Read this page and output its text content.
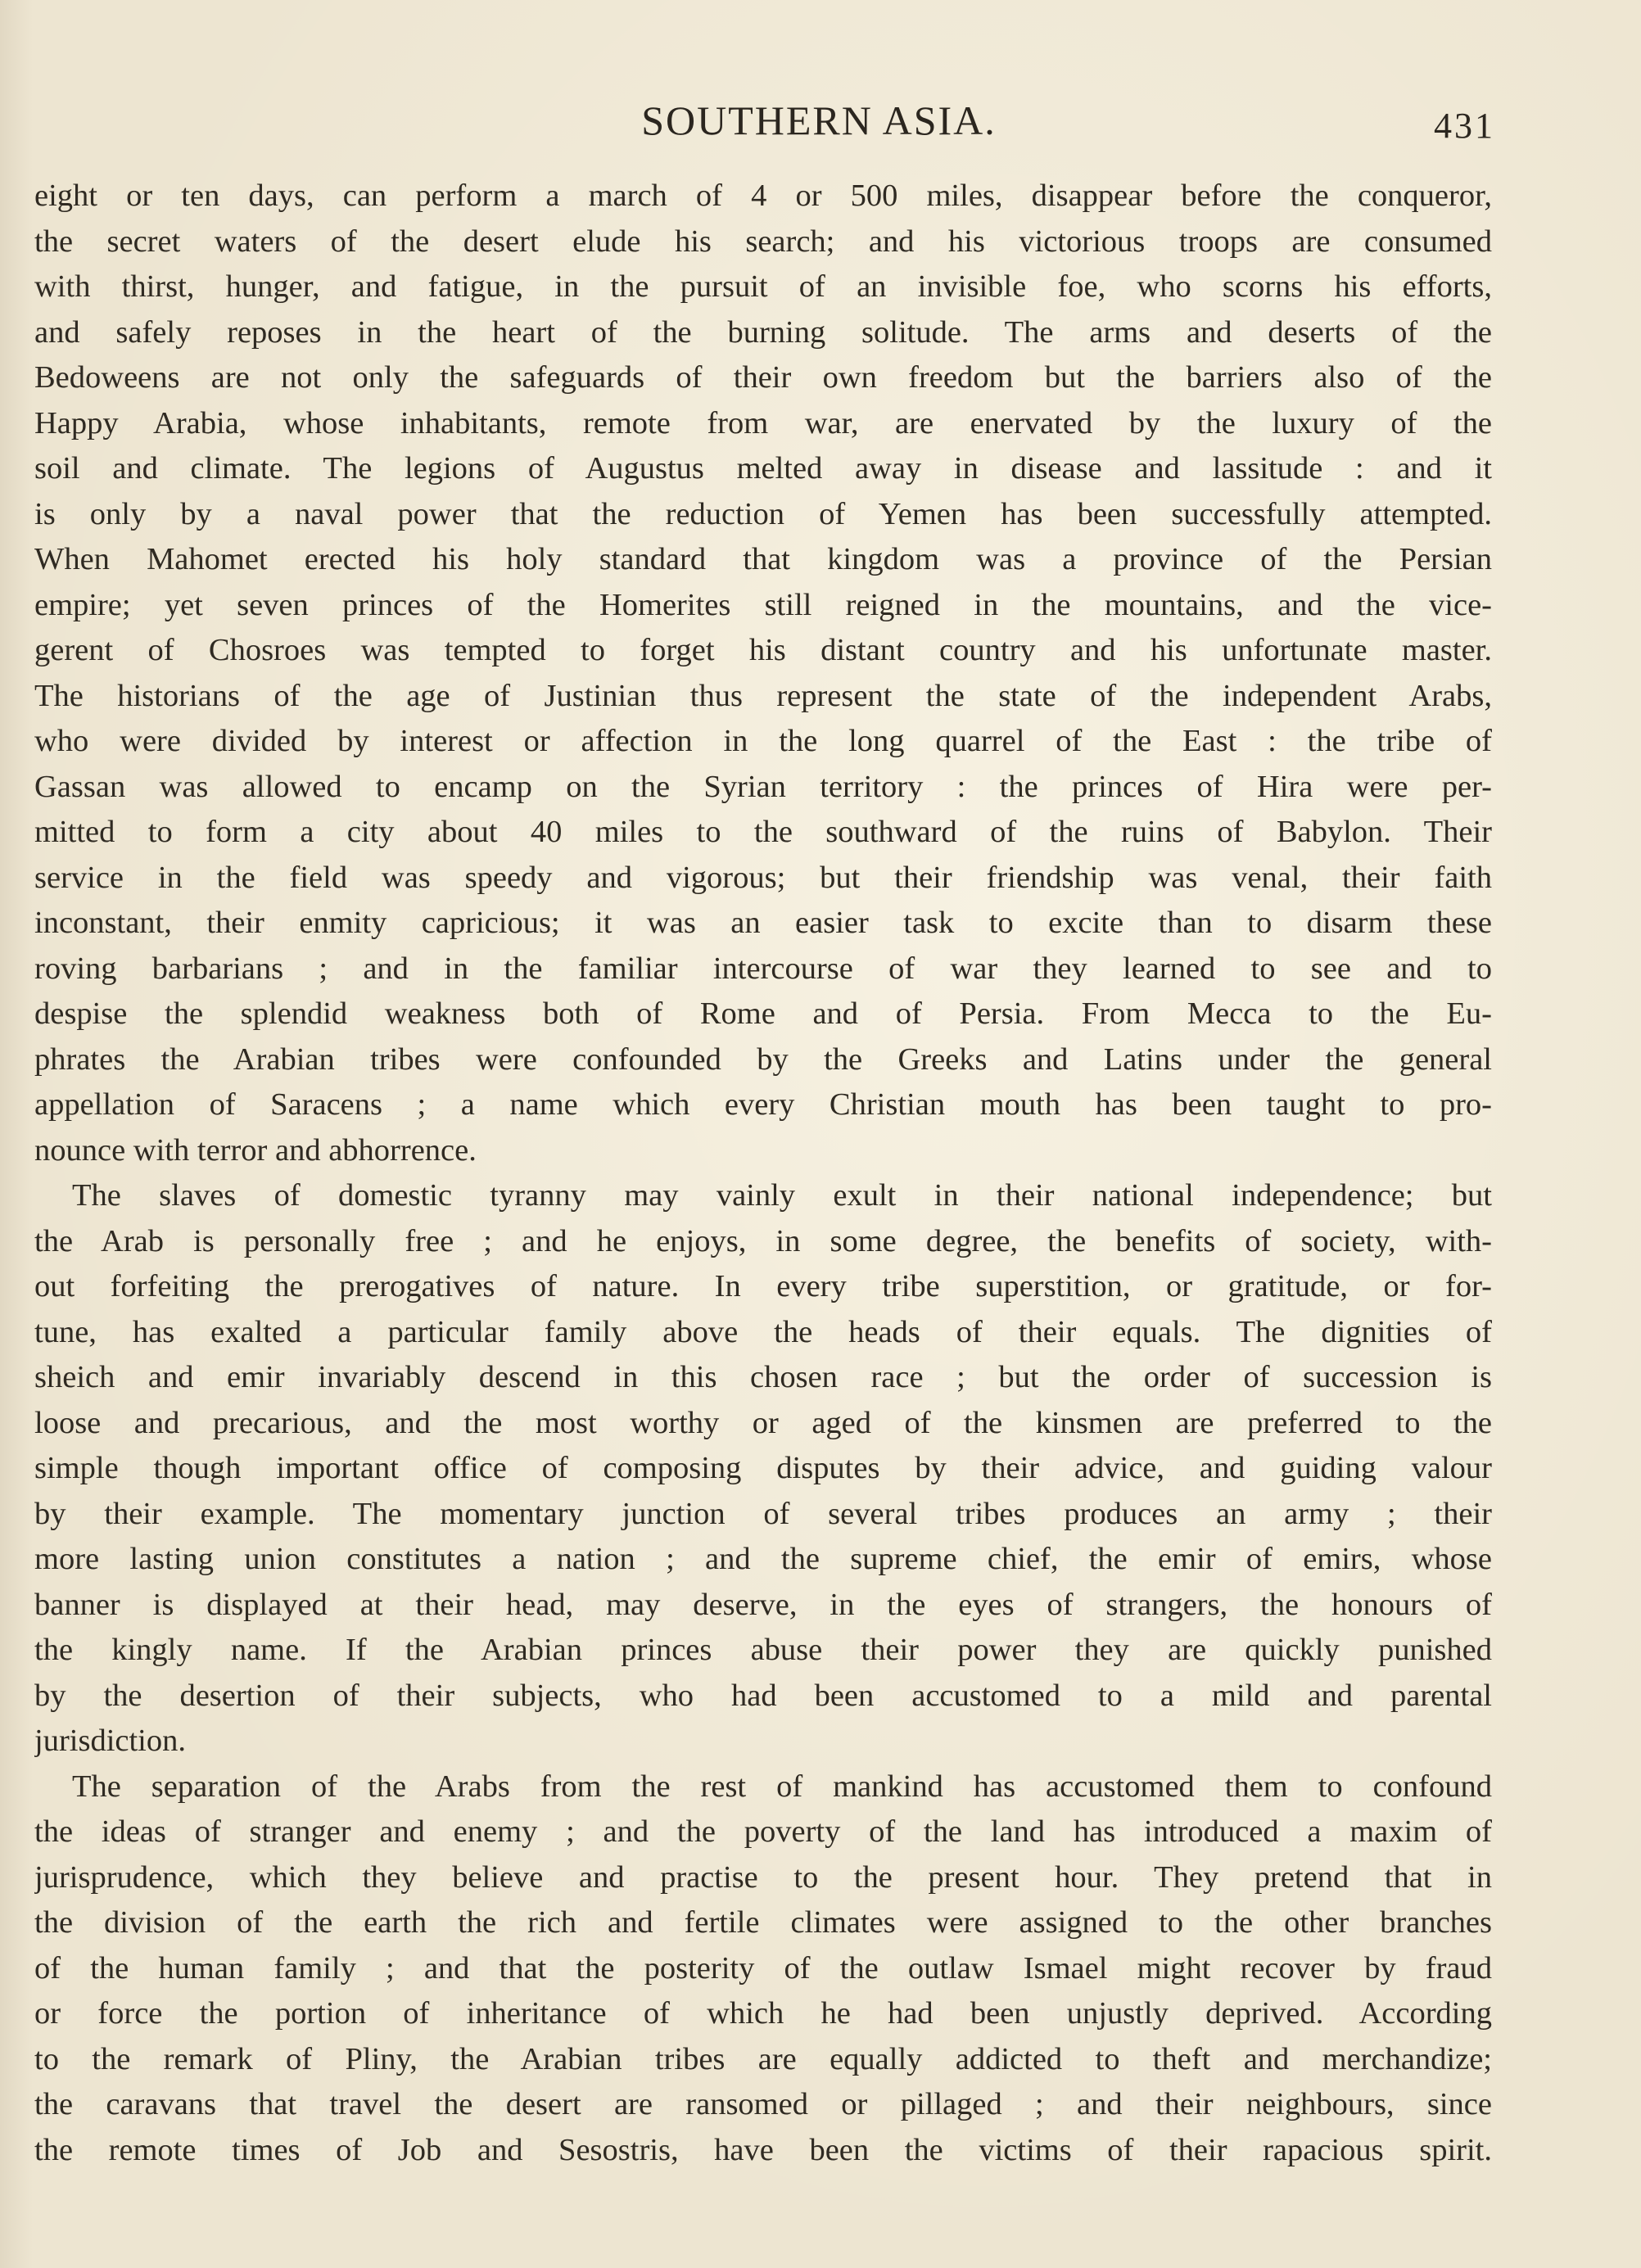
SOUTHERN ASIA.	431
eight or ten days, can perform a march of 4 or 500 miles, disappear before the conqueror,
the secret waters of the desert elude his search; and his victorious troops are consumed
with thirst, hunger, and fatigue, in the pursuit of an invisible foe, who scorns his efforts,
and safely reposes in the heart of the burning solitude. The arms and deserts of the
Bedoweens are not only the safeguards of their own freedom but the barriers also of the
Happy Arabia, whose inhabitants, remote from war, are enervated by the luxury of the
soil and climate. The legions of Augustus melted away in disease and lassitude : and it
is only by a naval power that the reduction of Yemen has been successfully attempted.
When Mahomet erected his holy standard that kingdom was a province of the Persian
empire; yet seven princes of the Homerites still reigned in the mountains, and the vice-
gerent of Chosroes was tempted to forget his distant country and his unfortunate master.
The historians of the age of Justinian thus represent the state of the independent Arabs,
who were divided by interest or affection in the long quarrel of the East : the tribe of
Gassan was allowed to encamp on the Syrian territory : the princes of Hira were per-
mitted to form a city about 40 miles to the southward of the ruins of Babylon. Their
service in the field was speedy and vigorous; but their friendship was venal, their faith
inconstant, their enmity capricious; it was an easier task to excite than to disarm these
roving barbarians ; and in the familiar intercourse of war they learned to see and to
despise the splendid weakness both of Rome and of Persia. From Mecca to the Eu-
phrates the Arabian tribes were confounded by the Greeks and Latins under the general
appellation of Saracens ; a name which every Christian mouth has been taught to pro-
nounce with terror and abhorrence.
The slaves of domestic tyranny may vainly exult in their national independence; but
the Arab is personally free ; and he enjoys, in some degree, the benefits of society, with-
out forfeiting the prerogatives of nature. In every tribe superstition, or gratitude, or for-
tune, has exalted a particular family above the heads of their equals. The dignities of
sheich and emir invariably descend in this chosen race ; but the order of succession is
loose and precarious, and the most worthy or aged of the kinsmen are preferred to the
simple though important office of composing disputes by their advice, and guiding valour
by their example. The momentary junction of several tribes produces an army ; their
more lasting union constitutes a nation ; and the supreme chief, the emir of emirs, whose
banner is displayed at their head, may deserve, in the eyes of strangers, the honours of
the kingly name. If the Arabian princes abuse their power they are quickly punished
by the desertion of their subjects, who had been accustomed to a mild and parental
jurisdiction.
The separation of the Arabs from the rest of mankind has accustomed them to confound
the ideas of stranger and enemy ; and the poverty of the land has introduced a maxim of
jurisprudence, which they believe and practise to the present hour. They pretend that in
the division of the earth the rich and fertile climates were assigned to the other branches
of the human family ; and that the posterity of the outlaw Ismael might recover by fraud
or force the portion of inheritance of which he had been unjustly deprived. According
to the remark of Pliny, the Arabian tribes are equally addicted to theft and merchandize;
the caravans that travel the desert are ransomed or pillaged ; and their neighbours, since
the remote times of Job and Sesostris, have been the victims of their rapacious spirit.
